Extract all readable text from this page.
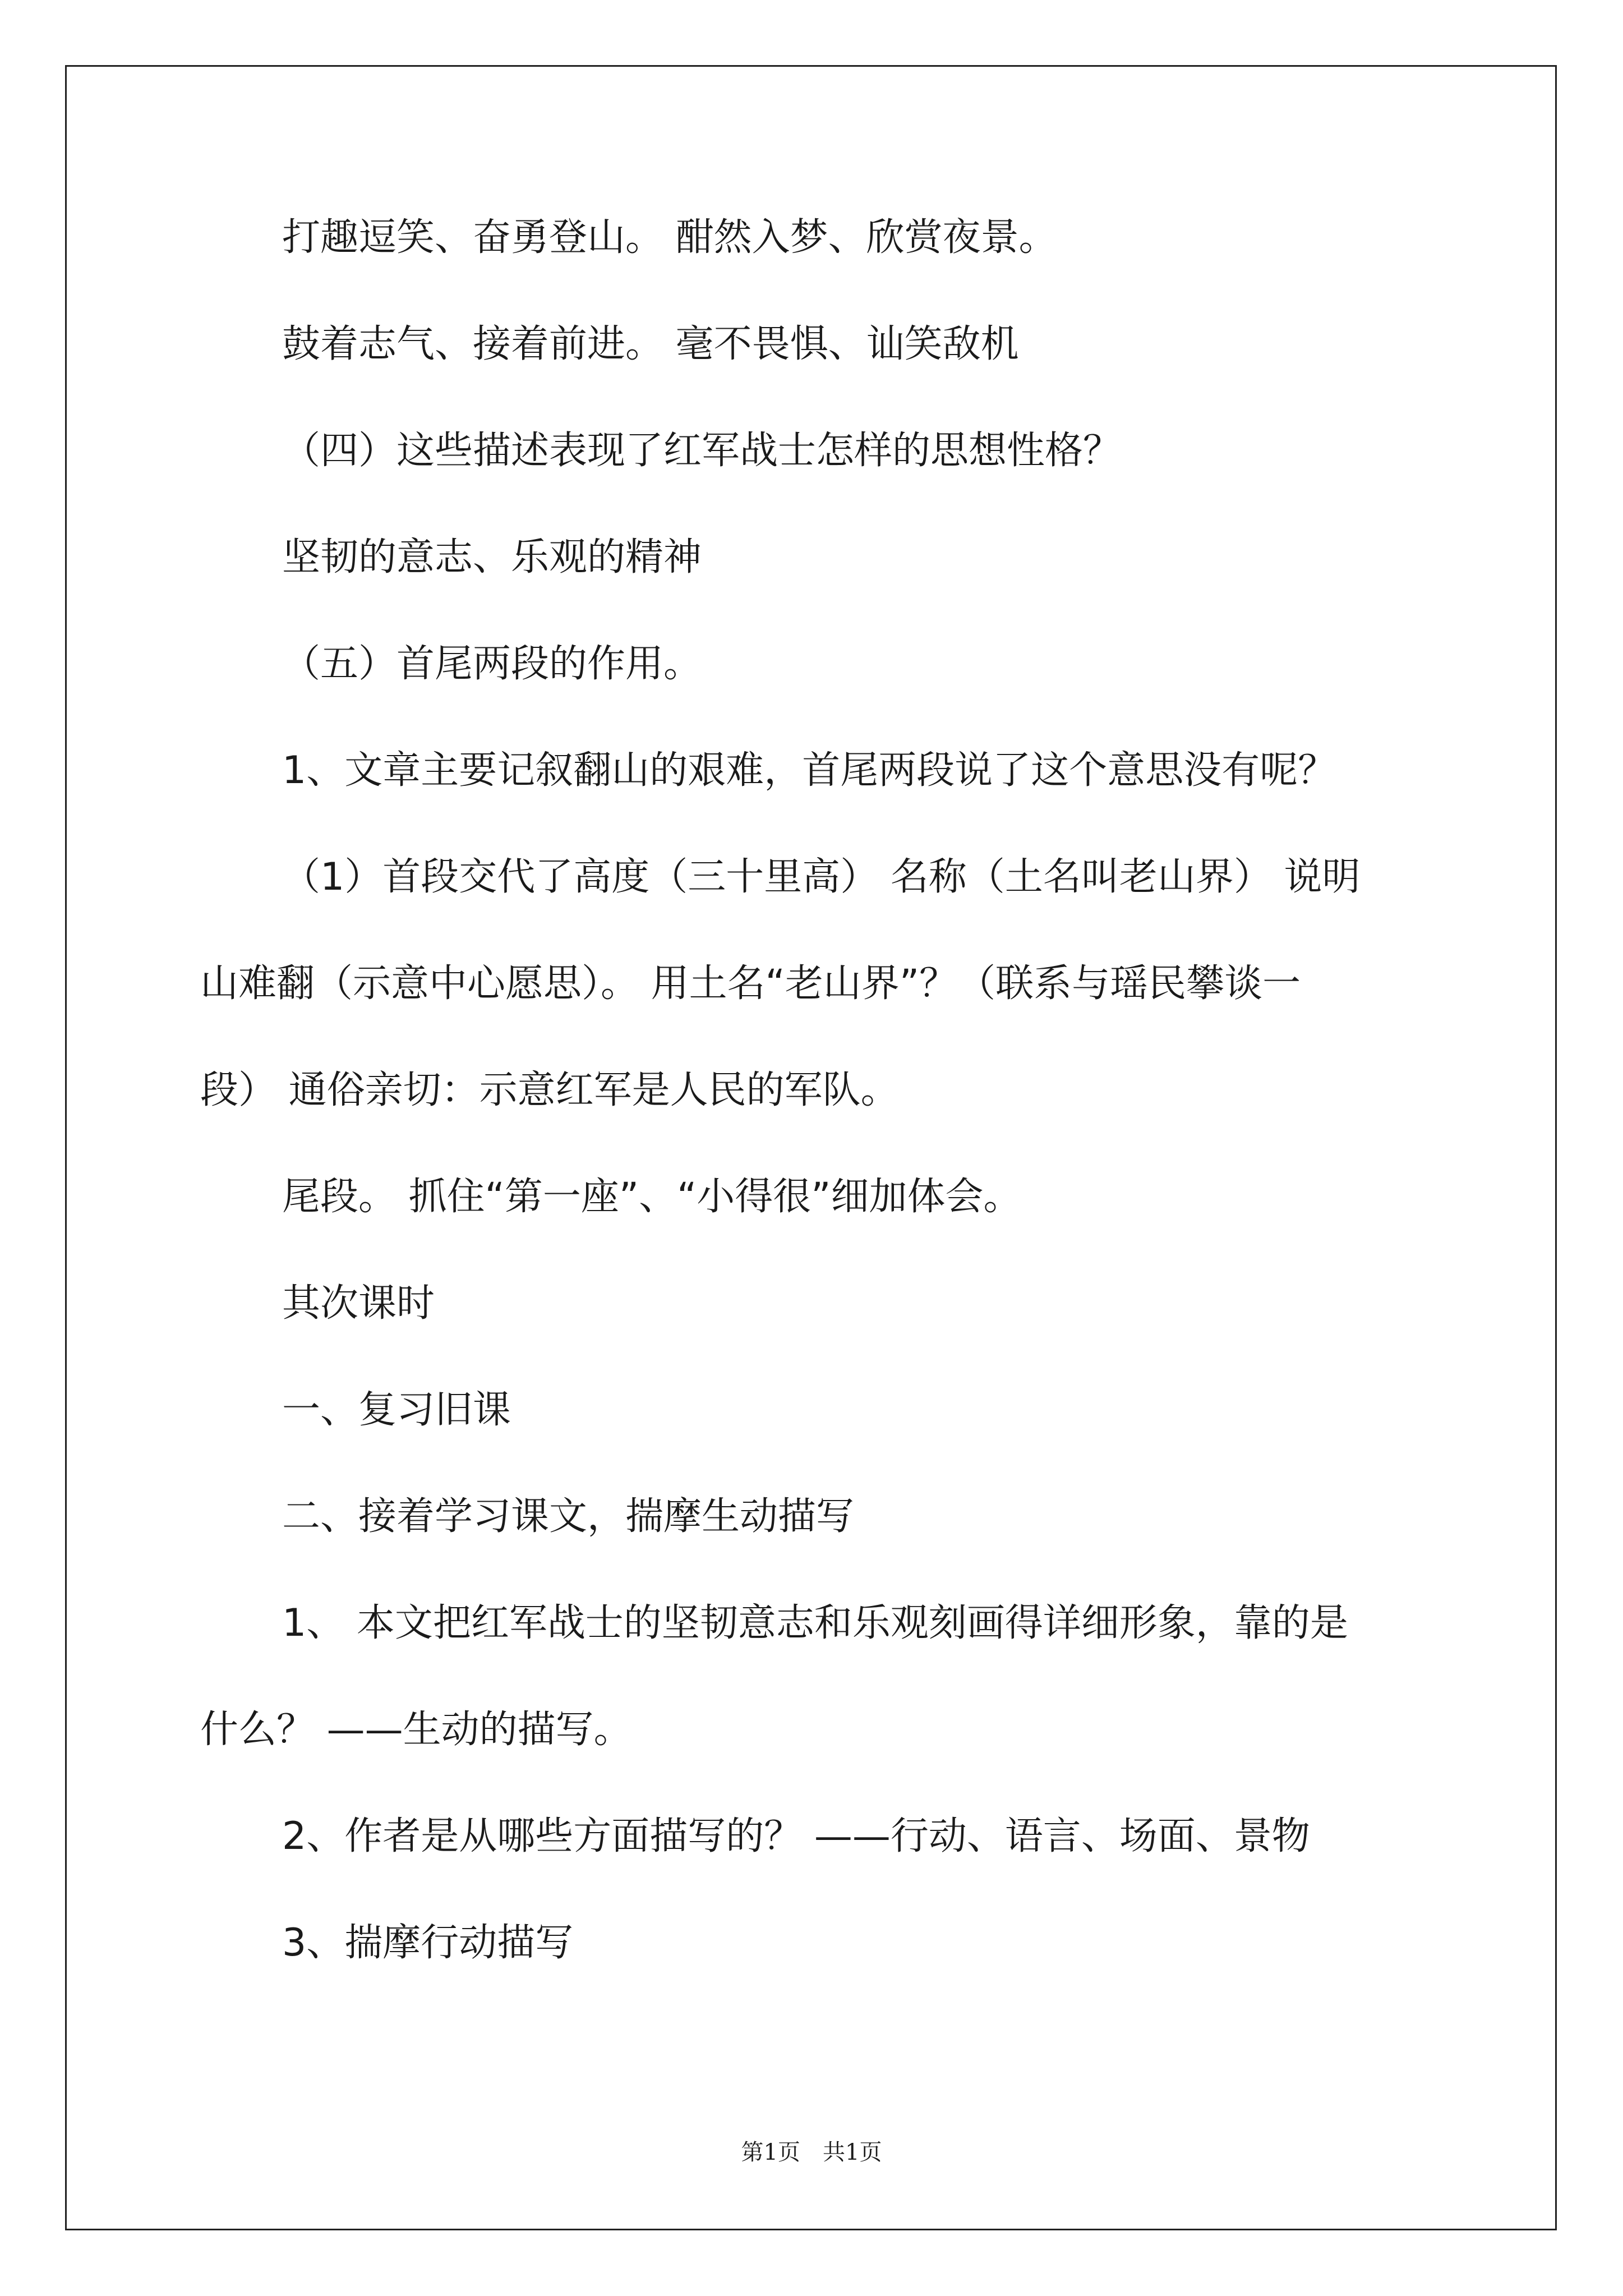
打趣逗笑、奋勇登山。 酣然入梦、欣赏夜景。
鼓着志气、接着前进。 毫不畏惧、讪笑敌机
（四）这些描述表现了红军战士怎样的思想性格？
坚韧的意志、乐观的精神
（五）首尾两段的作用。
1、文章主要记叙翻山的艰难，首尾两段说了这个意思没有呢？
（1）首段交代了高度（三十里高） 名称（土名叫老山界） 说明
山难翻（示意中心愿思）。 用土名“老山界”？（联系与瑶民攀谈一
段） 通俗亲切：示意红军是人民的军队。
尾段。 抓住“第一座”、“小得很”细加体会。
其次课时
一、复习旧课
二、接着学习课文，揣摩生动描写
1、 本文把红军战士的坚韧意志和乐观刻画得详细形象，靠的是
什么？ ——生动的描写。
2、作者是从哪些方面描写的？ ——行动、语言、场面、景物
3、揣摩行动描写
第1页　共1页
